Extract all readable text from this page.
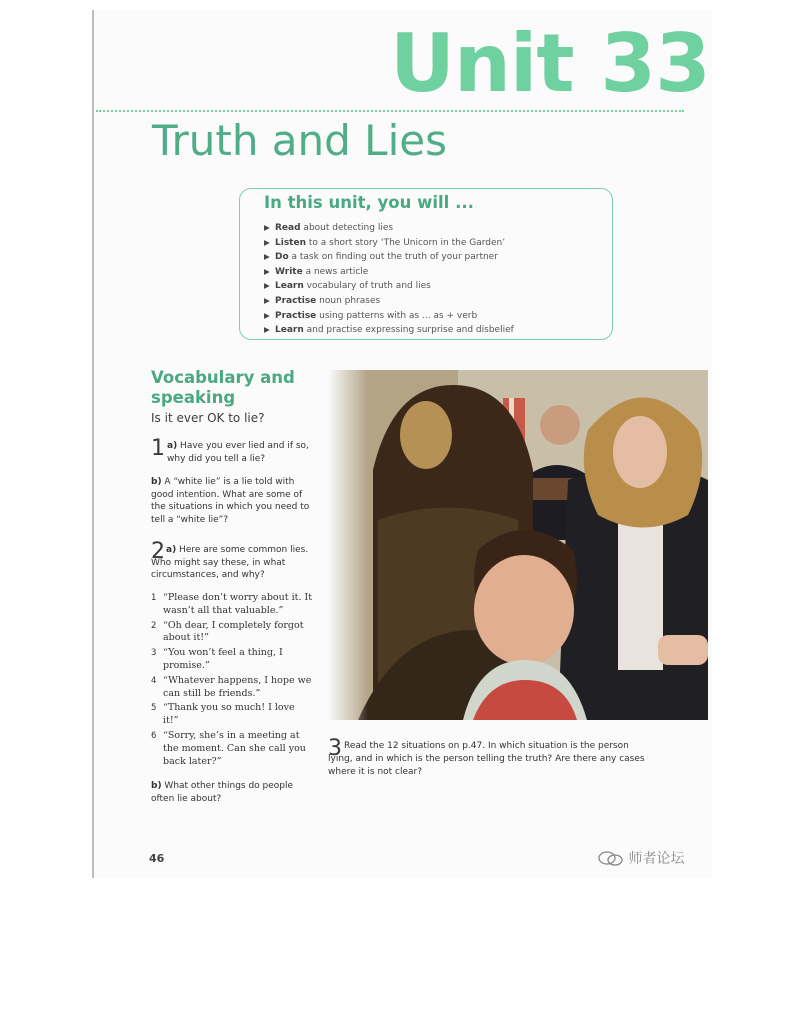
Unit 33
Truth and Lies
In this unit, you will ...
▶ Read about detecting lies
▶ Listen to a short story ‘The Unicorn in the Garden’
▶ Do a task on finding out the truth of your partner
▶ Write a news article
▶ Learn vocabulary of truth and lies
▶ Practise noun phrases
▶ Practise using patterns with as ... as + verb
▶ Learn and practise expressing surprise and disbelief
Vocabulary and speaking
Is it ever OK to lie?
1 a) Have you ever lied and if so, why did you tell a lie?
b) A “white lie” is a lie told with good intention. What are some of the situations in which you need to tell a “white lie”?
2 a) Here are some common lies. Who might say these, in what circumstances, and why?
1 “Please don’t worry about it. It wasn’t all that valuable.”
2 “Oh dear, I completely forgot about it!”
3 “You won’t feel a thing, I promise.”
4 “Whatever happens, I hope we can still be friends.”
5 “Thank you so much! I love it!”
6 “Sorry, she’s in a meeting at the moment. Can she call you back later?”
b) What other things do people often lie about?
3 Read the 12 situations on p.47. In which situation is the person lying, and in which is the person telling the truth? Are there any cases where it is not clear?
46	师者论坛
